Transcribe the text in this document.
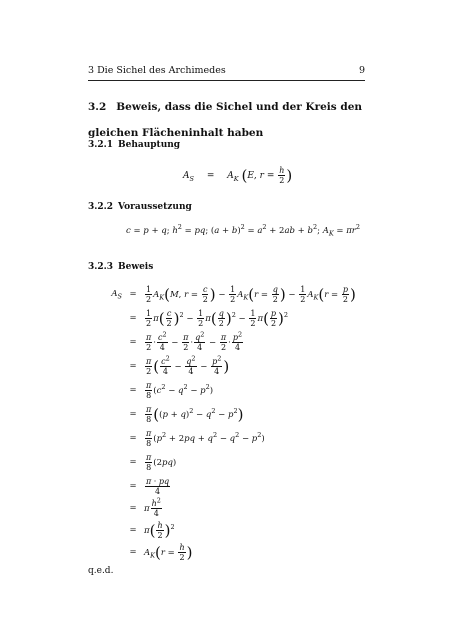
3 Die Sichel des Archimedes	9
3.2 Beweis, dass die Sichel und der Kreis den gleichen Flächeninhalt haben
3.2.1 Behauptung
$A_S = A_K$ (E, $r = \frac{h}{2}$ )
3.2.2 Voraussetzung
c = p + q; $h^2$ = pq; $(a + b)^2 = a^2 + 2ab + b^2$; $A_K = \pi r^2$
3.2.3 Beweis
$A_S$ =	$\frac{1}{2} A_K(M$, $r = \frac{c}{2}$ ) − $\frac{1}{2} A_K(r = \frac{q}{2}$ ) − $\frac{1}{2} A_K(r = \frac{p}{2}$ )
=	$\frac{1}{2} \pi( \frac{c}{2} )^2 - \frac{1}{2} \pi( \frac{q}{2} )^2 - \frac{1}{2} \pi( \frac{p}{2} )^2$
=	$\frac{\pi}{2} \cdot \frac{c^2}{4} - \frac{\pi}{2} \cdot \frac{q^2}{4} - \frac{\pi}{2} \cdot \frac{p^2}{4}$
=	$\frac{\pi}{2}$ ( $\frac{c^2}{4} - \frac{q^2}{4} - \frac{p^2}{4}$ )
=	$\frac{\pi}{8} (c^2 - q^2 - p^2)$
=	$\frac{\pi}{8} ((p + q)^2 - q^2 - p^2)$
=	$\frac{\pi}{8} (p^2 + 2pq + q^2 - q^2 - p^2)$
=	$\frac{\pi}{8} (2pq)$
=	$\frac{\pi \cdot pq}{4}$
= π $\frac{h^2}{4}$
= $\pi( \frac{h}{2} )^2$
= $A_K(r = \frac{h}{2}$ )
q.e.d.
